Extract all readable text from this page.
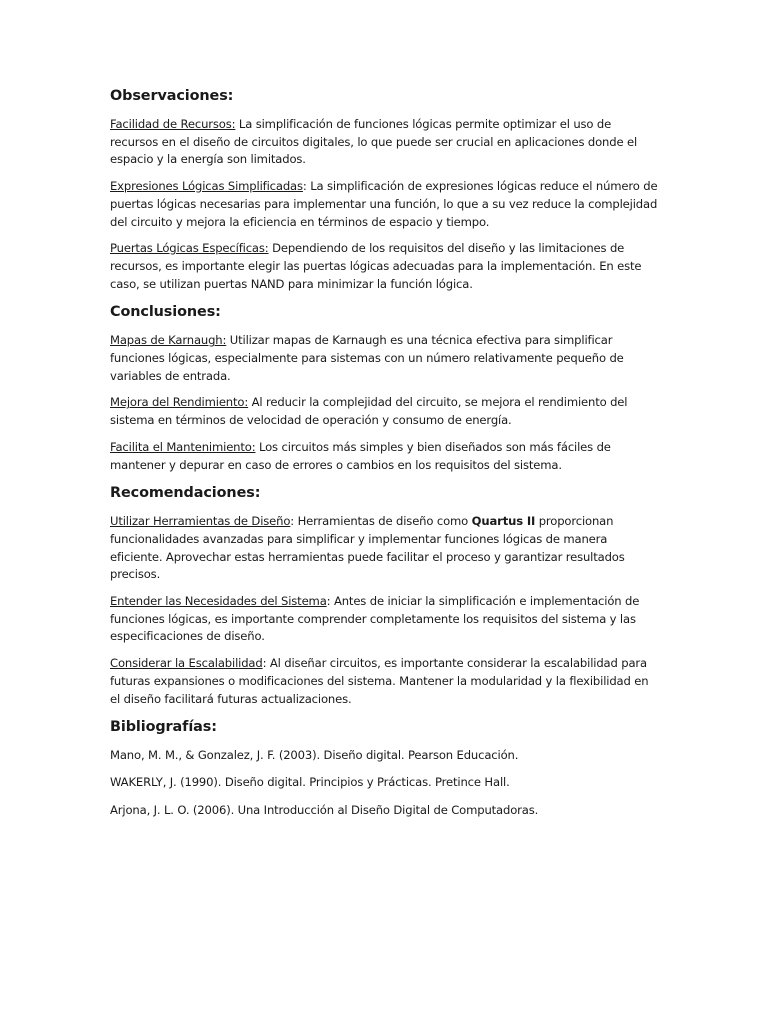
Observaciones:

Facilidad de Recursos: La simplificación de funciones lógicas permite optimizar el uso de recursos en el diseño de circuitos digitales, lo que puede ser crucial en aplicaciones donde el espacio y la energía son limitados.

Expresiones Lógicas Simplificadas: La simplificación de expresiones lógicas reduce el número de puertas lógicas necesarias para implementar una función, lo que a su vez reduce la complejidad del circuito y mejora la eficiencia en términos de espacio y tiempo.

Puertas Lógicas Específicas: Dependiendo de los requisitos del diseño y las limitaciones de recursos, es importante elegir las puertas lógicas adecuadas para la implementación. En este caso, se utilizan puertas NAND para minimizar la función lógica.

Conclusiones:

Mapas de Karnaugh: Utilizar mapas de Karnaugh es una técnica efectiva para simplificar funciones lógicas, especialmente para sistemas con un número relativamente pequeño de variables de entrada.

Mejora del Rendimiento: Al reducir la complejidad del circuito, se mejora el rendimiento del sistema en términos de velocidad de operación y consumo de energía.

Facilita el Mantenimiento: Los circuitos más simples y bien diseñados son más fáciles de mantener y depurar en caso de errores o cambios en los requisitos del sistema.

Recomendaciones:

Utilizar Herramientas de Diseño: Herramientas de diseño como Quartus II proporcionan funcionalidades avanzadas para simplificar y implementar funciones lógicas de manera eficiente. Aprovechar estas herramientas puede facilitar el proceso y garantizar resultados precisos.

Entender las Necesidades del Sistema: Antes de iniciar la simplificación e implementación de funciones lógicas, es importante comprender completamente los requisitos del sistema y las especificaciones de diseño.

Considerar la Escalabilidad: Al diseñar circuitos, es importante considerar la escalabilidad para futuras expansiones o modificaciones del sistema. Mantener la modularidad y la flexibilidad en el diseño facilitará futuras actualizaciones.

Bibliografías:

Mano, M. M., & Gonzalez, J. F. (2003). Diseño digital. Pearson Educación.

WAKERLY, J. (1990). Diseño digital. Principios y Prácticas. Pretince Hall.

Arjona, J. L. O. (2006). Una Introducción al Diseño Digital de Computadoras.
